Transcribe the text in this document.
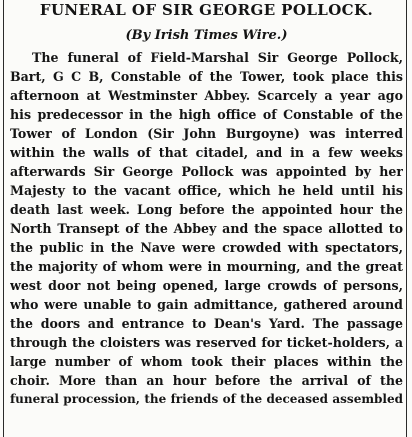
FUNERAL OF SIR GEORGE POLLOCK.
(By Irish Times Wire.)
The funeral of Field-Marshal Sir George Pollock,
Bart, G C B, Constable of the Tower, took place this
afternoon at Westminster Abbey. Scarcely a year ago
his predecessor in the high office of Constable of the
Tower of London (Sir John Burgoyne) was interred
within the walls of that citadel, and in a few weeks
afterwards Sir George Pollock was appointed by her
Majesty to the vacant office, which he held until his
death last week. Long before the appointed hour the
North Transept of the Abbey and the space allotted to
the public in the Nave were crowded with spectators,
the majority of whom were in mourning, and the great
west door not being opened, large crowds of persons,
who were unable to gain admittance, gathered around
the doors and entrance to Dean's Yard. The passage
through the cloisters was reserved for ticket-holders, a
large number of whom took their places within the
choir. More than an hour before the arrival of the
funeral procession, the friends of the deceased assembled
